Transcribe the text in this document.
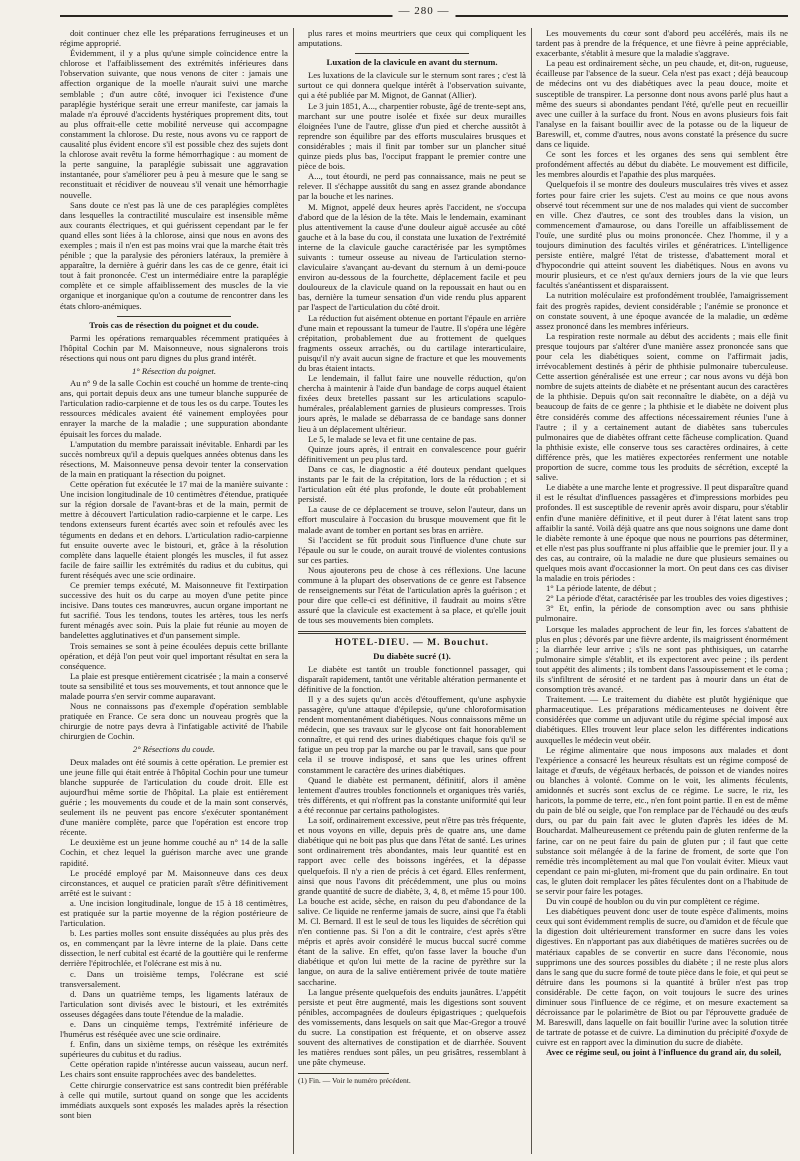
— 280 —

doit continuer chez elle les préparations ferrugineuses et un régime approprié.

Évidemment, il y a plus qu'une simple coïncidence entre la chlorose et l'affaiblissement des extrémités inférieures dans l'observation suivante, que nous venons de citer : jamais une affection organique de la moelle n'aurait suivi une marche semblable ; d'un autre côté, invoquer ici l'existence d'une paraplégie hystérique serait une erreur manifeste, car jamais la malade n'a éprouvé d'accidents hystériques proprement dits, tout au plus offrait-elle cette mobilité nerveuse qui accompagne constamment la chlorose. Du reste, nous avons vu ce rapport de causalité plus évident encore s'il est possible chez des sujets dont la chlorose avait revêtu la forme hémorrhagique : au moment de la perte sanguine, la paraplégie subissait une aggravation instantanée, pour s'améliorer peu à peu à mesure que le sang se reconstituait et récidiver de nouveau s'il venait une hémorrhagie nouvelle.

Sans doute ce n'est pas là une de ces paraplégies complètes dans lesquelles la contractilité musculaire est insensible même aux courants électriques, et qui guérissent cependant par le fer quand elles sont liées à la chlorose, ainsi que nous en avons des exemples ; mais il n'en est pas moins vrai que la marche était très pénible ; que la paralysie des péroniers latéraux, la première à apparaître, la dernière à guérir dans les cas de ce genre, était ici tout à fait prononcée. C'est un intermédiaire entre la paraplégie complète et ce simple affaiblissement des muscles de la vie organique et inorganique qu'on a coutume de rencontrer dans les états chloro-anémiques.

Trois cas de résection du poignet et du coude.

Parmi les opérations remarquables récemment pratiquées à l'hôpital Cochin par M. Maisonneuve, nous signalerons trois résections qui nous ont paru dignes du plus grand intérêt.

1° Résection du poignet.

Au n° 9 de la salle Cochin est couché un homme de trente-cinq ans, qui portait depuis deux ans une tumeur blanche suppurée de l'articulation radio-carpienne et de tous les os du carpe. Toutes les ressources médicales avaient été vainement employées pour enrayer la marche de la maladie ; une suppuration abondante épuisait les forces du malade.

L'amputation du membre paraissait inévitable. Enhardi par les succès nombreux qu'il a depuis quelques années obtenus dans les résections, M. Maisonneuve pensa devoir tenter la conservation de la main en pratiquant la résection du poignet.

Cette opération fut exécutée le 17 mai de la manière suivante : Une incision longitudinale de 10 centimètres d'étendue, pratiquée sur la région dorsale de l'avant-bras et de la main, permit de mettre à découvert l'articulation radio-carpienne et le carpe. Les tendons extenseurs furent écartés avec soin et refoulés avec les téguments en dedans et en dehors. L'articulation radio-carpienne fut ensuite ouverte avec le bistouri, et, grâce à la résolution complète dans laquelle étaient plongés les muscles, il fut assez facile de faire saillir les extrémités du radius et du cubitus, qui furent réséqués avec une scie ordinaire.

Ce premier temps exécuté, M. Maisonneuve fit l'extirpation successive des huit os du carpe au moyen d'une petite pince incisive. Dans toutes ces manœuvres, aucun organe important ne fut sacrifié. Tous les tendons, toutes les artères, tous les nerfs furent ménagés avec soin. Puis la plaie fut réunie au moyen de bandelettes agglutinatives et d'un pansement simple.

Trois semaines se sont à peine écoulées depuis cette brillante opération, et déjà l'on peut voir quel important résultat en sera la conséquence.

La plaie est presque entièrement cicatrisée ; la main a conservé toute sa sensibilité et tous ses mouvements, et tout annonce que le malade pourra s'en servir comme auparavant.

Nous ne connaissons pas d'exemple d'opération semblable pratiquée en France. Ce sera donc un nouveau progrès que la chirurgie de notre pays devra à l'infatigable activité de l'habile chirurgien de Cochin.

2° Résections du coude.

Deux malades ont été soumis à cette opération. Le premier est une jeune fille qui était entrée à l'hôpital Cochin pour une tumeur blanche suppurée de l'articulation du coude droit. Elle est aujourd'hui même sortie de l'hôpital. La plaie est entièrement guérie ; les mouvements du coude et de la main sont conservés, seulement ils ne peuvent pas encore s'exécuter spontanément d'une manière complète, parce que l'opération est encore trop récente.

Le deuxième est un jeune homme couché au n° 14 de la salle Cochin, et chez lequel la guérison marche avec une grande rapidité.

Le procédé employé par M. Maisonneuve dans ces deux circonstances, et auquel ce praticien paraît s'être définitivement arrêté est le suivant :

a. Une incision longitudinale, longue de 15 à 18 centimètres, est pratiquée sur la partie moyenne de la région postérieure de l'articulation.

b. Les parties molles sont ensuite disséquées au plus près des os, en commençant par la lèvre interne de la plaie. Dans cette dissection, le nerf cubital est écarté de la gouttière qui le renferme derrière l'épitrochlée, et l'olécrane est mis à nu.

c. Dans un troisième temps, l'olécrane est scié transversalement.

d. Dans un quatrième temps, les ligaments latéraux de l'articulation sont divisés avec le bistouri, et les extrémités osseuses dégagées dans toute l'étendue de la maladie.

e. Dans un cinquième temps, l'extrémité inférieure de l'humérus est réséquée avec une scie ordinaire.

f. Enfin, dans un sixième temps, on résèque les extrémités supérieures du cubitus et du radius.

Cette opération rapide n'intéresse aucun vaisseau, aucun nerf. Les chairs sont ensuite rapprochées avec des bandelettes.

Cette chirurgie conservatrice est sans contredit bien préférable à celle qui mutile, surtout quand on songe que les accidents immédiats auxquels sont exposés les malades après la résection sont bien

plus rares et moins meurtriers que ceux qui compliquent les amputations.

Luxation de la clavicule en avant du sternum.

Les luxations de la clavicule sur le sternum sont rares ; c'est là surtout ce qui donnera quelque intérêt à l'observation suivante, qui a été publiée par M. Mignot, de Gannat (Allier).

Le 3 juin 1851, A..., charpentier robuste, âgé de trente-sept ans, marchant sur une poutre isolée et fixée sur deux murailles éloignées l'une de l'autre, glisse d'un pied et cherche aussitôt à reprendre son équilibre par des efforts musculaires brusques et considérables ; mais il finit par tomber sur un plancher situé quinze pieds plus bas, l'occiput frappant le premier contre une pièce de bois.

A..., tout étourdi, ne perd pas connaissance, mais ne peut se relever. Il s'échappe aussitôt du sang en assez grande abondance par la bouche et les narines.

M. Mignot, appelé deux heures après l'accident, ne s'occupa d'abord que de la lésion de la tête. Mais le lendemain, examinant plus attentivement la cause d'une douleur aiguë accusée au côté gauche et à la base du cou, il constata une luxation de l'extrémité interne de la clavicule gauche caractérisée par les symptômes suivants : tumeur osseuse au niveau de l'articulation sterno-claviculaire s'avançant au-devant du sternum à un demi-pouce environ au-dessous de la fourchette, déplacement facile et peu douloureux de la clavicule quand on la repoussait en haut ou en bas, dernière la tumeur sensation d'un vide rendu plus apparent par l'aspect de l'articulation du côté droit.

La réduction fut aisément obtenue en portant l'épaule en arrière d'une main et repoussant la tumeur de l'autre. Il s'opéra une légère crépitation, probablement due au frottement de quelques fragments osseux arrachés, ou du cartilage interarticulaire, puisqu'il n'y avait aucun signe de fracture et que les mouvements du bras étaient intacts.

Le lendemain, il fallut faire une nouvelle réduction, qu'on chercha à maintenir à l'aide d'un bandage de corps auquel étaient fixées deux bretelles passant sur les articulations scapulo-humérales, préalablement garnies de plusieurs compresses. Trois jours après, le malade se débarrassa de ce bandage sans donner lieu à un déplacement ultérieur.

Le 5, le malade se leva et fit une centaine de pas.

Quinze jours après, il entrait en convalescence pour guérir définitivement un peu plus tard.

Dans ce cas, le diagnostic a été douteux pendant quelques instants par le fait de la crépitation, lors de la réduction ; et si l'articulation eût été plus profonde, le doute eût probablement persisté.

La cause de ce déplacement se trouve, selon l'auteur, dans un effort musculaire à l'occasion du brusque mouvement que fit le malade avant de tomber en portant ses bras en arrière.

Si l'accident se fût produit sous l'influence d'une chute sur l'épaule ou sur le coude, on aurait trouvé de violentes contusions sur ces parties.

Nous ajouterons peu de chose à ces réflexions. Une lacune commune à la plupart des observations de ce genre est l'absence de renseignements sur l'état de l'articulation après la guérison ; et pour dire que celle-ci est définitive, il faudrait au moins s'être assuré que la clavicule est exactement à sa place, et qu'elle jouit de tous ses mouvements bien complets.

HOTEL-DIEU. — M. Bouchut.

Du diabète sucré (1).

Le diabète est tantôt un trouble fonctionnel passager, qui disparaît rapidement, tantôt une véritable altération permanente et définitive de la fonction.

Il y a des sujets qu'un accès d'étouffement, qu'une asphyxie passagère, qu'une attaque d'épilepsie, qu'une chloroformisation rendent momentanément diabétiques. Nous connaissons même un médecin, que ses travaux sur le glycose ont fait honorablement connaître, et qui rend des urines diabétiques chaque fois qu'il se fatigue un peu trop par la marche ou par le travail, sans que pour cela il se trouve indisposé, et sans que les urines offrent constamment le caractère des urines diabétiques.

Quand le diabète est permanent, définitif, alors il amène lentement d'autres troubles fonctionnels et organiques très variés, très différents, et qui n'offrent pas la constante uniformité qui leur a été reconnue par certains pathologistes.

La soif, ordinairement excessive, peut n'être pas très fréquente, et nous voyons en ville, depuis près de quatre ans, une dame diabétique qui ne boit pas plus que dans l'état de santé. Les urines sont ordinairement très abondantes, mais leur quantité est en rapport avec celle des boissons ingérées, et la dépasse quelquefois. Il n'y a rien de précis à cet égard. Elles renferment, ainsi que nous l'avons dit précédemment, une plus ou moins grande quantité de sucre de diabète, 3, 4, 8, et même 15 pour 100. La bouche est acide, sèche, en raison du peu d'abondance de la salive. Ce liquide ne renferme jamais de sucre, ainsi que l'a établi M. Cl. Bernard. Il est le seul de tous les liquides de sécrétion qui n'en contienne pas. Si l'on a dit le contraire, c'est après s'être mépris et après avoir considéré le mucus buccal sucré comme étant de la salive. En effet, qu'on fasse laver la bouche d'un diabétique et qu'on lui mette de la racine de pyrèthre sur la langue, on aura de la salive entièrement privée de toute matière saccharine.

La langue présente quelquefois des enduits jaunâtres. L'appétit persiste et peut être augmenté, mais les digestions sont souvent pénibles, accompagnées de douleurs épigastriques ; quelquefois des vomissements, dans lesquels on sait que Mac-Gregor a trouvé du sucre. La constipation est fréquente, et on observe assez souvent des alternatives de constipation et de diarrhée. Souvent les matières rendues sont pâles, un peu grisâtres, ressemblant à une pâte chymeuse.

(1) Fin. — Voir le numéro précédent.

Les mouvements du cœur sont d'abord peu accélérés, mais ils ne tardent pas à prendre de la fréquence, et une fièvre à peine appréciable, exacerbante, s'établit à mesure que la maladie s'aggrave.

La peau est ordinairement sèche, un peu chaude, et, dit-on, rugueuse, écailleuse par l'absence de la sueur. Cela n'est pas exact ; déjà beaucoup de médecins ont vu des diabétiques avec la peau douce, moite et susceptible de transpirer. La personne dont nous avons parlé plus haut a même des sueurs si abondantes pendant l'été, qu'elle peut en recueillir avec une cuiller à la surface du front. Nous en avons plusieurs fois fait l'analyse en la faisant bouillir avec de la potasse ou de la liqueur de Bareswill, et, comme d'autres, nous avons constaté la présence du sucre dans ce liquide.

Ce sont les forces et les organes des sens qui semblent être profondément affectés au début du diabète. Le mouvement est difficile, les membres alourdis et l'apathie des plus marquées.

Quelquefois il se montre des douleurs musculaires très vives et assez fortes pour faire crier les sujets. C'est au moins ce que nous avons observé tout récemment sur une de nos malades qui vient de succomber en ville. Chez d'autres, ce sont des troubles dans la vision, un commencement d'amaurose, ou dans l'oreille un affaiblissement de l'ouïe, une surdité plus ou moins prononcée. Chez l'homme, il y a toujours diminution des facultés viriles et génératrices. L'intelligence persiste entière, malgré l'état de tristesse, d'abattement moral et d'hypocondrie qui atteint souvent les diabétiques. Nous en avons vu mourir plusieurs, et ce n'est qu'aux derniers jours de la vie que leurs facultés s'anéantissent et disparaissent.

La nutrition moléculaire est profondément troublée, l'amaigrissement fait des progrès rapides, devient considérable ; l'anémie se prononce et on constate souvent, à une époque avancée de la maladie, un œdème assez prononcé dans les membres inférieurs.

La respiration reste normale au début des accidents ; mais elle finit presque toujours par s'altérer d'une manière assez prononcée sans que pour cela les diabétiques soient, comme on l'affirmait jadis, irrévocablement destinés à périr de phthisie pulmonaire tuberculeuse. Cette assertion généralisée est une erreur ; car nous avons vu déjà bon nombre de sujets atteints de diabète et ne présentant aucun des caractères de la phthisie. Depuis qu'on sait reconnaître le diabète, on a déjà vu beaucoup de faits de ce genre ; la phthisie et le diabète ne doivent plus être considérés comme des affections nécessairement réunies l'une à l'autre ; il y a certainement autant de diabètes sans tubercules pulmonaires que de diabètes offrant cette fâcheuse complication. Quand la phthisie existe, elle conserve tous ses caractères ordinaires, à cette différence près, que les matières expectorées renferment une notable proportion de sucre, comme tous les produits de sécrétion, excepté la salive.

Le diabète a une marche lente et progressive. Il peut disparaître quand il est le résultat d'influences passagères et d'impressions morbides peu profondes. Il est susceptible de revenir après avoir disparu, pour s'établir enfin d'une manière définitive, et il peut durer à l'état latent sans trop affaiblir la santé. Voilà déjà quatre ans que nous soignons une dame dont le diabète remonte à une époque que nous ne pourrions pas déterminer, et elle n'est pas plus souffrante ni plus affaiblie que le premier jour. Il y a des cas, au contraire, où la maladie ne dure que plusieurs semaines ou quelques mois avant d'occasionner la mort. On peut dans ces cas diviser la maladie en trois périodes :

1° La période latente, de début ;

2° La période d'état, caractérisée par les troubles des voies digestives ;

3° Et, enfin, la période de consomption avec ou sans phthisie pulmonaire.

Lorsque les malades approchent de leur fin, les forces s'abattent de plus en plus ; dévorés par une fièvre ardente, ils maigrissent énormément ; la diarrhée leur arrive ; s'ils ne sont pas phthisiques, un catarrhe pulmonaire simple s'établit, et ils expectorent avec peine ; ils perdent tout appétit des aliments ; ils tombent dans l'assoupissement et le coma ; ils s'infiltrent de sérosité et ne tardent pas à mourir dans un état de consomption très avancé.

Traitement. — Le traitement du diabète est plutôt hygiénique que pharmaceutique. Les préparations médicamenteuses ne doivent être considérées que comme un adjuvant utile du régime spécial imposé aux diabétiques. Elles trouvent leur place selon les différentes indications auxquelles le médecin veut obéir.

Le régime alimentaire que nous imposons aux malades et dont l'expérience a consacré les heureux résultats est un régime composé de laitage et d'œufs, de végétaux herbacés, de poisson et de viandes noires ou blanches à volonté. Comme on le voit, les aliments féculents, amidonnés et sucrés sont exclus de ce régime. Le sucre, le riz, les haricots, la pomme de terre, etc., n'en font point partie. Il en est de même du pain de blé ou seigle, que l'on remplace par de l'échaudé ou des œufs durs, ou par du pain fait avec le gluten d'après les idées de M. Bouchardat. Malheureusement ce prétendu pain de gluten renferme de la farine, car on ne peut faire du pain de gluten pur ; il faut que cette substance soit mélangée à de la farine de froment, de sorte que l'on remédie très incomplètement au mal que l'on voulait éviter. Mieux vaut cependant ce pain mi-gluten, mi-froment que du pain ordinaire. En tout cas, le gluten doit remplacer les pâtes féculentes dont on a l'habitude de se servir pour faire les potages.

Du vin coupé de houblon ou du vin pur complètent ce régime.

Les diabétiques peuvent donc user de toute espèce d'aliments, moins ceux qui sont évidemment remplis de sucre, ou d'amidon et de fécule que la digestion doit ultérieurement transformer en sucre dans les voies digestives. En n'apportant pas aux diabétiques de matières sucrées ou de matériaux capables de se convertir en sucre dans l'économie, nous supprimons une des sources possibles du diabète ; il ne reste plus alors dans le sang que du sucre formé de toute pièce dans le foie, et qui peut se détruire dans les poumons si la quantité à brûler n'est pas trop considérable. De cette façon, on voit toujours le sucre des urines diminuer sous l'influence de ce régime, et on mesure exactement sa décroissance par le polarimètre de Biot ou par l'éprouvette graduée de M. Bareswill, dans laquelle on fait bouillir l'urine avec la solution titrée de tartrate de potasse et de cuivre. La diminution du précipité d'oxyde de cuivre est en rapport avec la diminution du sucre de diabète.

Avec ce régime seul, ou joint à l'influence du grand air, du soleil,
